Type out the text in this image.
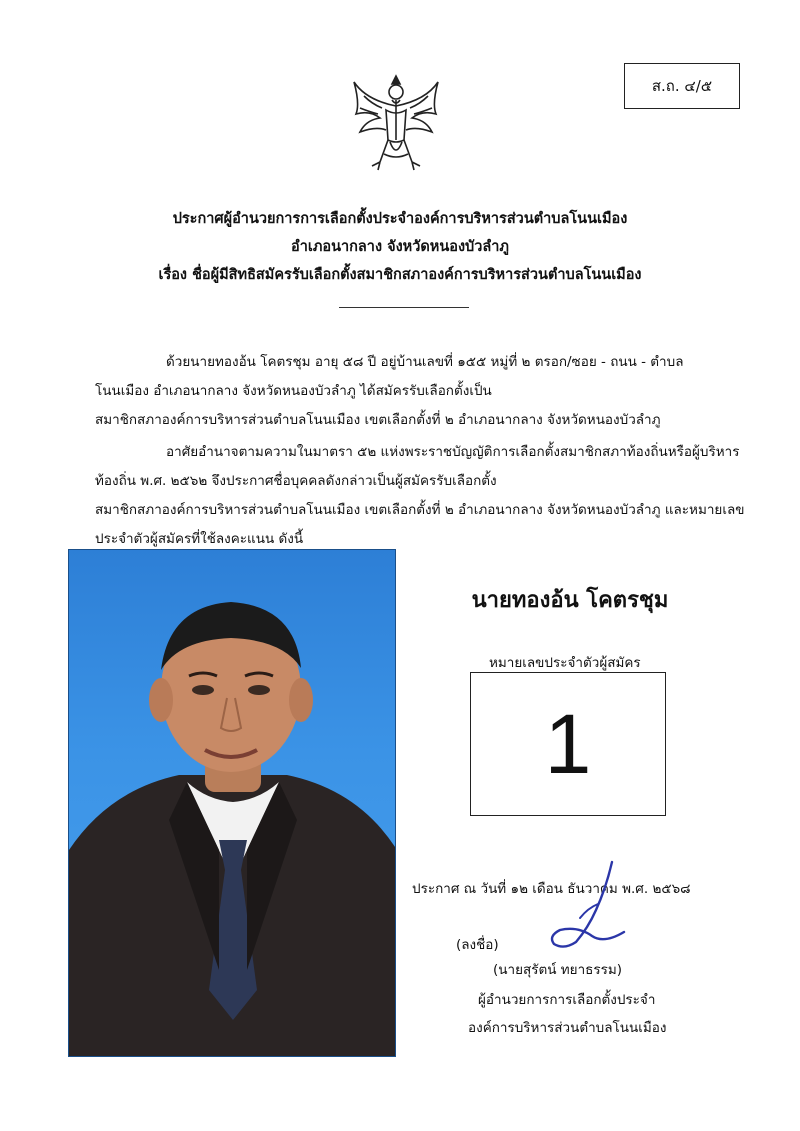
ส.ถ. ๔/๕
ประกาศผู้อำนวยการการเลือกตั้งประจำองค์การบริหารส่วนตำบลโนนเมือง
อำเภอนากลาง จังหวัดหนองบัวลำภู
เรื่อง ชื่อผู้มีสิทธิสมัครรับเลือกตั้งสมาชิกสภาองค์การบริหารส่วนตำบลโนนเมือง
ด้วยนายทองอ้น โคตรชุม อายุ ๕๘ ปี อยู่บ้านเลขที่ ๑๕๕ หมู่ที่ ๒ ตรอก/ซอย - ถนน - ตำบล
โนนเมือง อำเภอนากลาง จังหวัดหนองบัวลำภู ได้สมัครรับเลือกตั้งเป็น
สมาชิกสภาองค์การบริหารส่วนตำบลโนนเมือง เขตเลือกตั้งที่ ๒ อำเภอนากลาง จังหวัดหนองบัวลำภู
อาศัยอำนาจตามความในมาตรา ๕๒ แห่งพระราชบัญญัติการเลือกตั้งสมาชิกสภาท้องถิ่นหรือผู้บริหาร
ท้องถิ่น พ.ศ. ๒๕๖๒ จึงประกาศชื่อบุคคลดังกล่าวเป็นผู้สมัครรับเลือกตั้ง
สมาชิกสภาองค์การบริหารส่วนตำบลโนนเมือง เขตเลือกตั้งที่ ๒ อำเภอนากลาง จังหวัดหนองบัวลำภู และหมายเลข
ประจำตัวผู้สมัครที่ใช้ลงคะแนน ดังนี้
นายทองอ้น โคตรชุม
หมายเลขประจำตัวผู้สมัคร
1
ประกาศ ณ วันที่ ๑๒ เดือน ธันวาคม พ.ศ. ๒๕๖๘
(ลงชื่อ)
(นายสุรัตน์ ทยาธรรม)
ผู้อำนวยการการเลือกตั้งประจำ
องค์การบริหารส่วนตำบลโนนเมือง
